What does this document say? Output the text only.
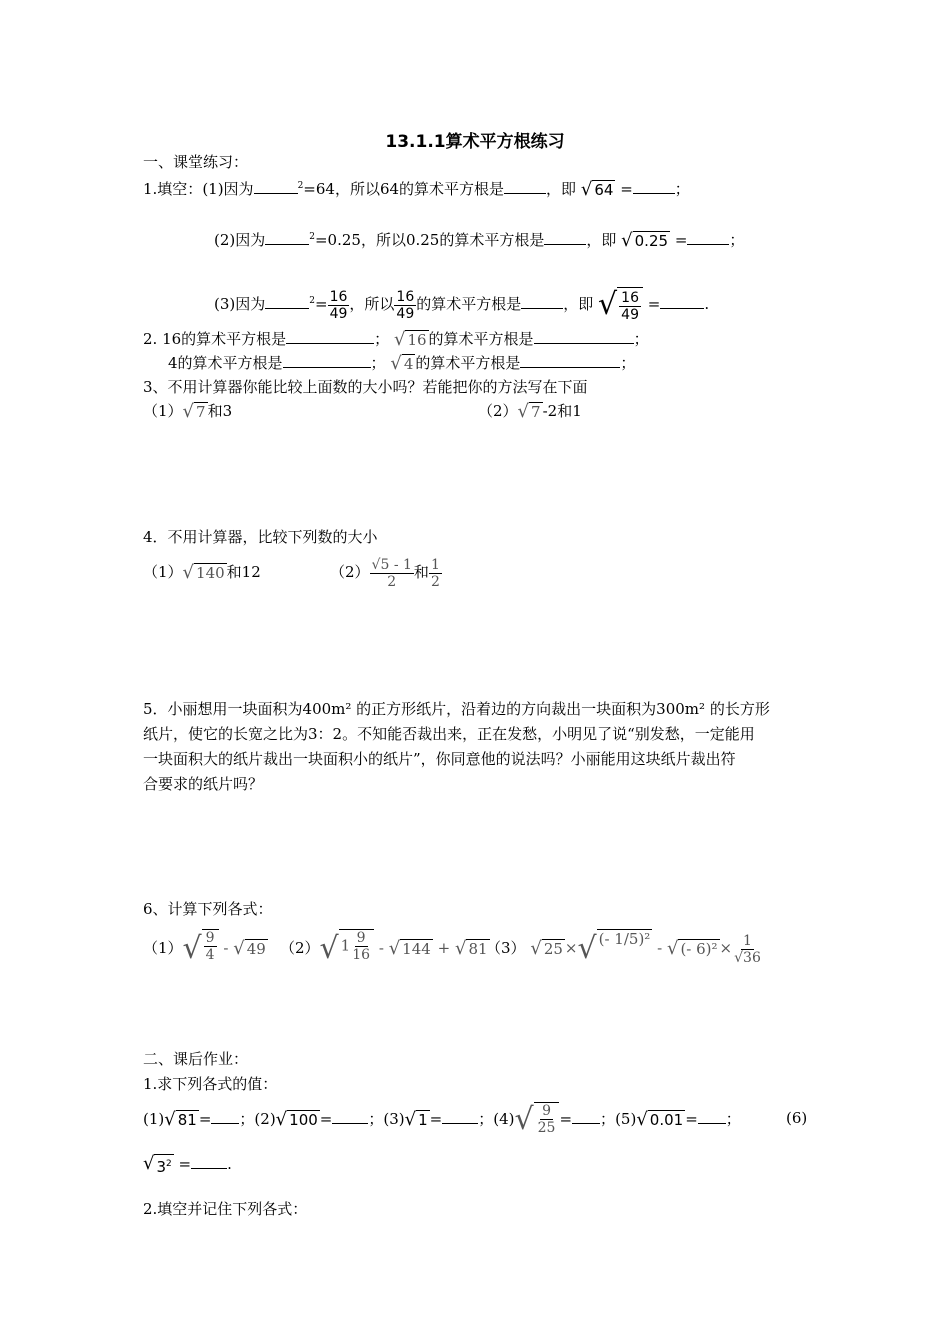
13.1.1算术平方根练习
一、课堂练习：
1.填空：(1)因为	$^2$=64，所以64的算术平方根是	，即 √ 64 =	；
(2)因为	$^2$=0.25，所以0.25的算术平方根是	，即 √ 0.25 =	；
(3)因为	$^2= \frac{16}{49}$ ，所以 $\frac{16}{49}$ 的算术平方根是	，即 √ $\frac{16}{49}$ =	.
2. 16的算术平方根是	； √ 16 的算术平方根是	；
4的算术平方根是	； √ 4 的算术平方根是	；
3、不用计算器你能比较上面数的大小吗？若能把你的方法写在下面
（1） √ 7 和3	（2） √ 7 -2和1
4．不用计算器，比较下列数的大小
（1） √ 140 和12	$(2) \frac{√5 - 1}{2}$ 和 $\frac{1}{2}$
5．小丽想用一块面积为400m² 的正方形纸片，沿着边的方向裁出一块面积为300m² 的长方形
纸片，使它的长宽之比为3：2。不知能否裁出来，正在发愁，小明见了说“别发愁，一定能用
一块面积大的纸片裁出一块面积小的纸片”，你同意他的说法吗？小丽能用这块纸片裁出符
合要求的纸片吗？
6、计算下列各式：
（1） √ $\frac{9}{4}$ - √ 49 （2） √ $1 \frac{9}{16}$ - √ 144 + √ 81
（3） √ 25 × √ (- 1/5)² - √ (- $6)^2 \times \frac{1}{√36}$
二、课后作业：
1.求下列各式的值：
(1) √ 81 = ；(2) √ 100 = ；(3) √ 1 = ；(4) √ $\frac{9}{25}$ = ；(5) √ 0.01 = ；	(6)
√ $3^2$ = .
2.填空并记住下列各式：
